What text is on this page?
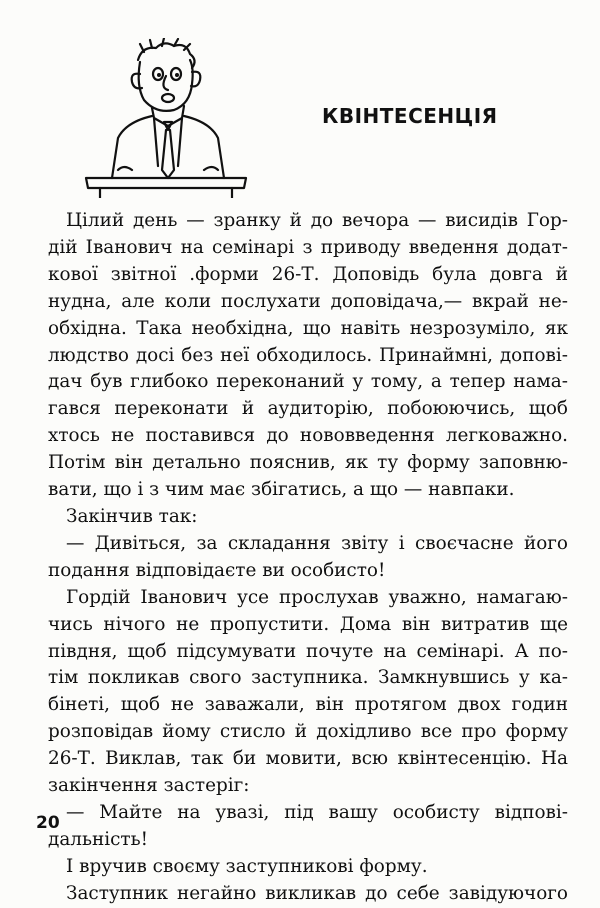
КВІНТЕСЕНЦІЯ
Цілий день — зранку й до вечора — висидів Гор-
дій Іванович на семінарі з приводу введення додат-
кової звітної .форми 26-Т. Доповідь була довга й
нудна, але коли послухати доповідача,— вкрай не-
обхідна. Така необхідна, що навіть незрозуміло, як
людство досі без неї обходилось. Принаймні, допові-
дач був глибоко переконаний у тому, а тепер нама-
гався переконати й аудиторію, побоюючись, щоб
хтось не поставився до нововведення легковажно.
Потім він детально пояснив, як ту форму заповню-
вати, що і з чим має збігатись, а що — навпаки.
Закінчив так:
— Дивіться, за складання звіту і своєчасне його
подання відповідаєте ви особисто!
Гордій Іванович усе прослухав уважно, намагаю-
чись нічого не пропустити. Дома він витратив ще
півдня, щоб підсумувати почуте на семінарі. А по-
тім покликав свого заступника. Замкнувшись у ка-
бінеті, щоб не заважали, він протягом двох годин
розповідав йому стисло й дохідливо все про форму
26-Т. Виклав, так би мовити, всю квінтесенцію. На
закінчення застеріг:
— Майте на увазі, під вашу особисту відпові-
дальність!
І вручив своєму заступникові форму.
Заступник негайно викликав до себе завідуючого
20
